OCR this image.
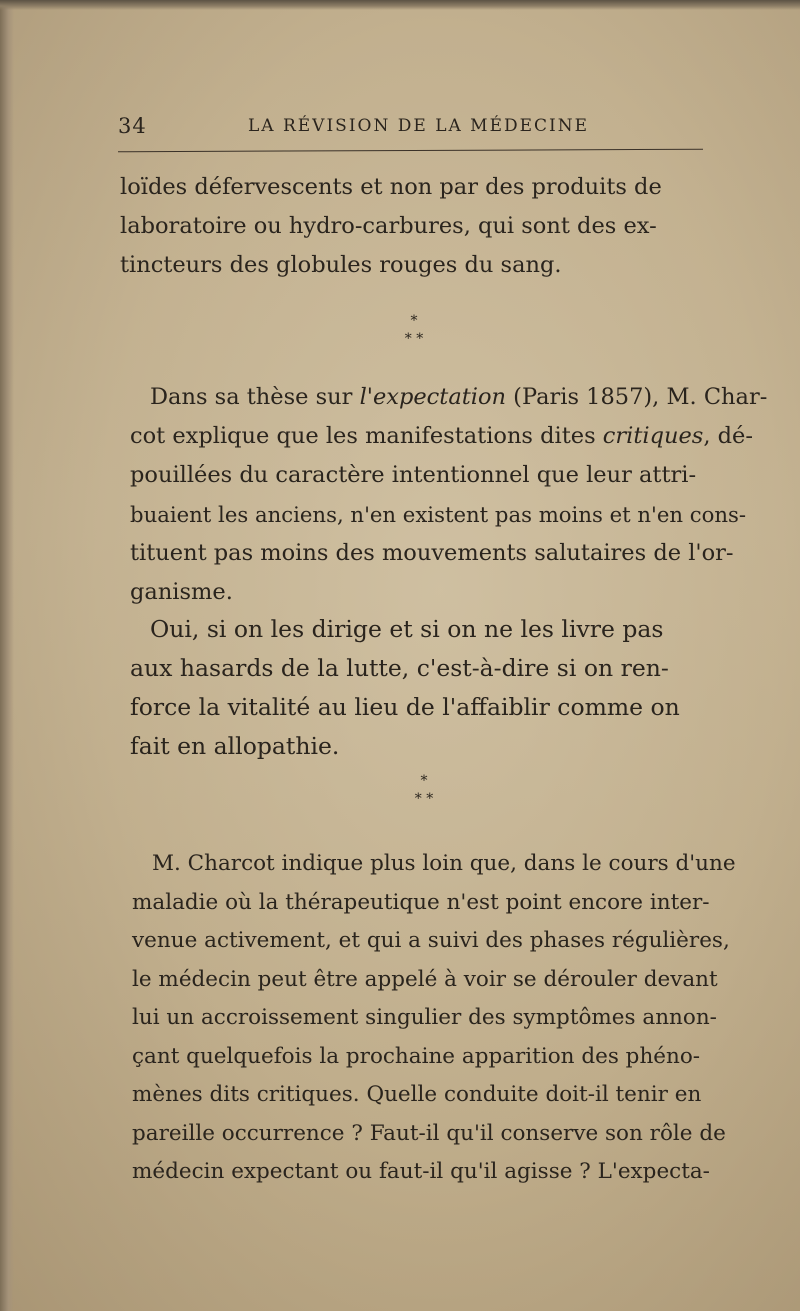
34	LA RÉVISION DE LA MÉDECINE

loïdes défervescents et non par des produits de
laboratoire ou hydro-carbures, qui sont des ex-
tincteurs des globules rouges du sang.

*
* *

Dans sa thèse sur l'expectation (Paris 1857), M. Char-
cot explique que les manifestations dites critiques, dé-
pouillées du caractère intentionnel que leur attri-
buaient les anciens, n'en existent pas moins et n'en cons-
tituent pas moins des mouvements salutaires de l'or-
ganisme.

Oui, si on les dirige et si on ne les livre pas
aux hasards de la lutte, c'est-à-dire si on ren-
force la vitalité au lieu de l'affaiblir comme on
fait en allopathie.

*
* *

M. Charcot indique plus loin que, dans le cours d'une
maladie où la thérapeutique n'est point encore inter-
venue activement, et qui a suivi des phases régulières,
le médecin peut être appelé à voir se dérouler devant
lui un accroissement singulier des symptômes annon-
çant quelquefois la prochaine apparition des phéno-
mènes dits critiques. Quelle conduite doit-il tenir en
pareille occurrence ? Faut-il qu'il conserve son rôle de
médecin expectant ou faut-il qu'il agisse ? L'expecta-
